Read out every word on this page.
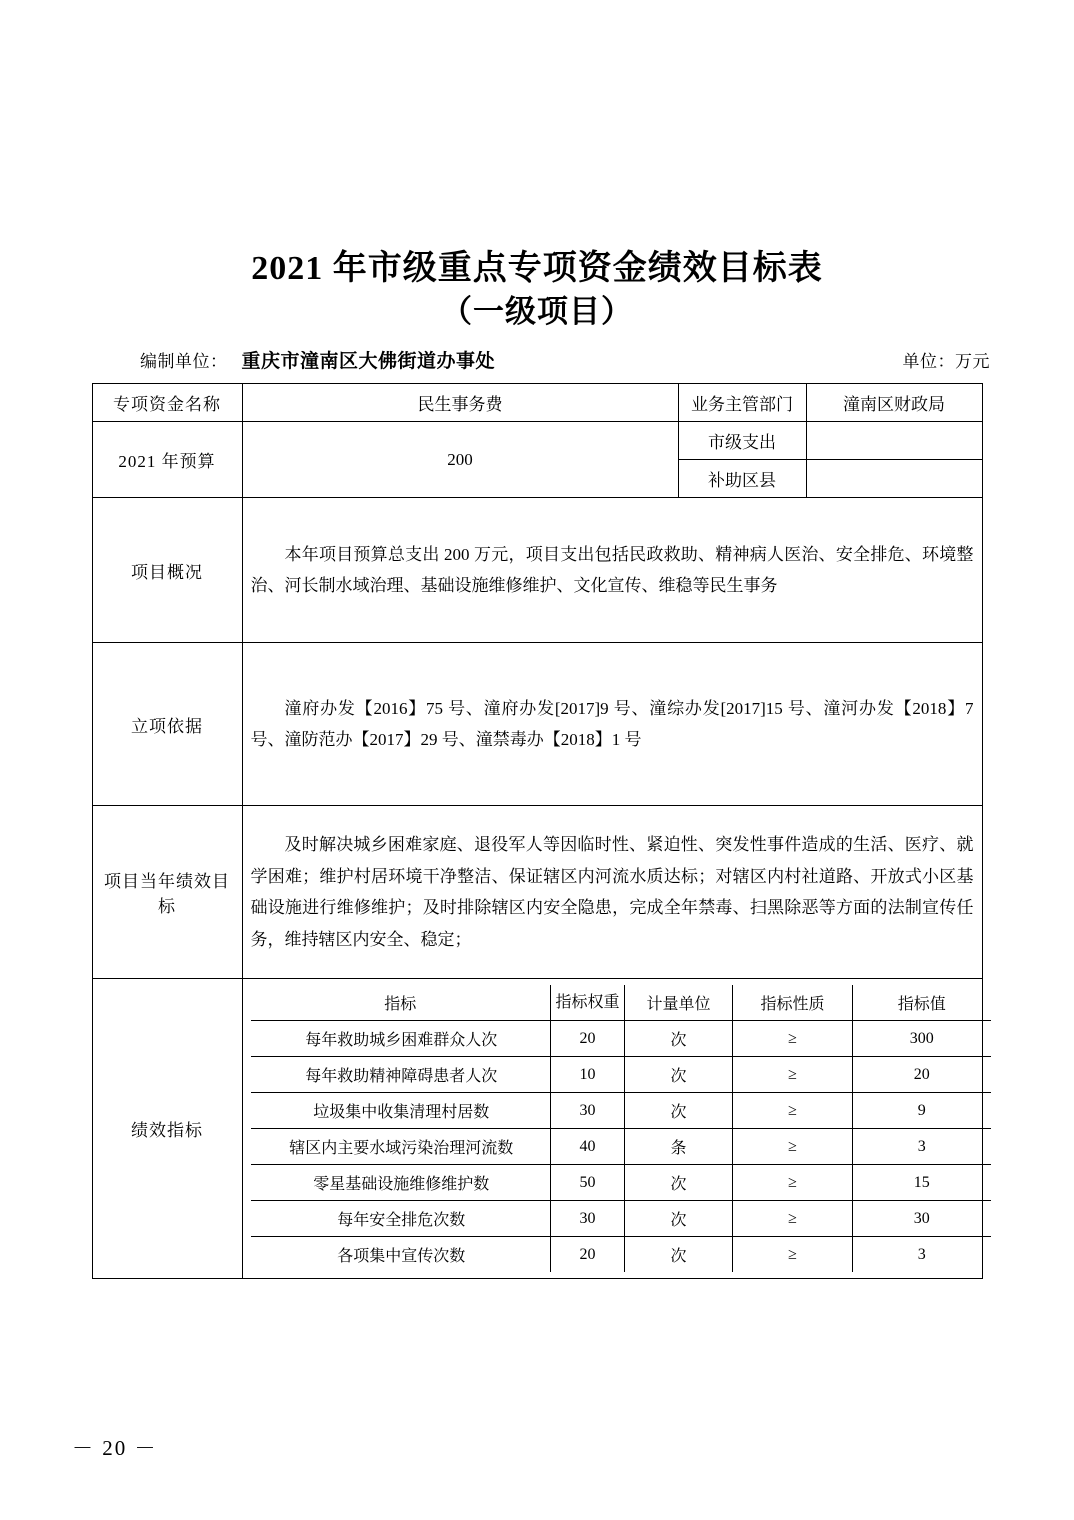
2021 年市级重点专项资金绩效目标表
（一级项目）
编制单位： 重庆市潼南区大佛街道办事处	单位：万元
专项资金名称	民生事务费	业务主管部门	潼南区财政局
2021 年预算	200	市级支出	
补助区县	
项目概况	本年项目预算总支出 200 万元，项目支出包括民政救助、精神病人医治、安全排危、环境整治、河长制水域治理、基础设施维修维护、文化宣传、维稳等民生事务
立项依据	潼府办发【2016】75 号、潼府办发[2017]9 号、潼综办发[2017]15 号、潼河办发【2018】7 号、潼防范办【2017】29 号、潼禁毒办【2018】1 号
项目当年绩效目标	及时解决城乡困难家庭、退役军人等因临时性、紧迫性、突发性事件造成的生活、医疗、就学困难；维护村居环境干净整洁、保证辖区内河流水质达标；对辖区内村社道路、开放式小区基础设施进行维修维护；及时排除辖区内安全隐患，完成全年禁毒、扫黑除恶等方面的法制宣传任务，维持辖区内安全、稳定；
绩效指标	
指标	指标权重	计量单位	指标性质	指标值
每年救助城乡困难群众人次	20	次	≥	300
每年救助精神障碍患者人次	10	次	≥	20
垃圾集中收集清理村居数	30	次	≥	9
辖区内主要水域污染治理河流数	40	条	≥	3
零星基础设施维修维护数	50	次	≥	15
每年安全排危次数	30	次	≥	30
各项集中宣传次数	20	次	≥	3
－ 20 －
